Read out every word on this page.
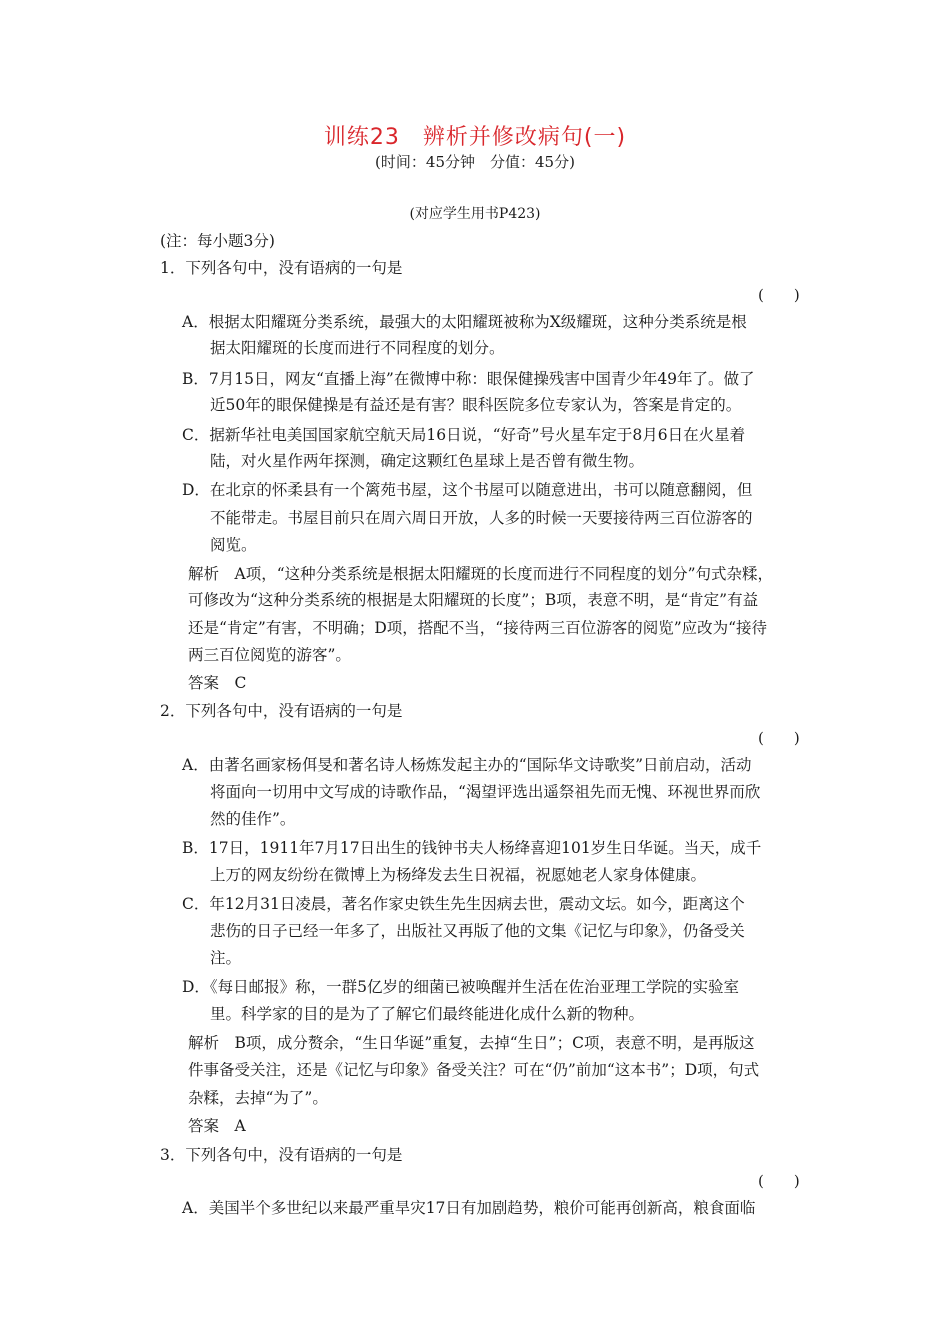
训练23　辨析并修改病句(一)
(时间：45分钟　分值：45分)
(对应学生用书P423)
(注：每小题3分)
1．下列各句中，没有语病的一句是
(　　)
A．根据太阳耀斑分类系统，最强大的太阳耀斑被称为X级耀斑，这种分类系统是根
据太阳耀斑的长度而进行不同程度的划分。
B．7月15日，网友“直播上海”在微博中称：眼保健操残害中国青少年49年了。做了
近50年的眼保健操是有益还是有害？眼科医院多位专家认为，答案是肯定的。
C．据新华社电美国国家航空航天局16日说，“好奇”号火星车定于8月6日在火星着
陆，对火星作两年探测，确定这颗红色星球上是否曾有微生物。
D．在北京的怀柔县有一个篱苑书屋，这个书屋可以随意进出，书可以随意翻阅，但
不能带走。书屋目前只在周六周日开放，人多的时候一天要接待两三百位游客的
阅览。
解析　A项，“这种分类系统是根据太阳耀斑的长度而进行不同程度的划分”句式杂糅，
可修改为“这种分类系统的根据是太阳耀斑的长度”；B项，表意不明，是“肯定”有益
还是“肯定”有害，不明确；D项，搭配不当，“接待两三百位游客的阅览”应改为“接待
两三百位阅览的游客”。
答案　C
2．下列各句中，没有语病的一句是
(　　)
A．由著名画家杨佴旻和著名诗人杨炼发起主办的“国际华文诗歌奖”日前启动，活动
将面向一切用中文写成的诗歌作品，“渴望评选出遥祭祖先而无愧、环视世界而欣
然的佳作”。
B．17日，1911年7月17日出生的钱钟书夫人杨绛喜迎101岁生日华诞。当天，成千
上万的网友纷纷在微博上为杨绛发去生日祝福，祝愿她老人家身体健康。
C．年12月31日凌晨，著名作家史铁生先生因病去世，震动文坛。如今，距离这个
悲伤的日子已经一年多了，出版社又再版了他的文集《记忆与印象》，仍备受关
注。
D．《每日邮报》称，一群5亿岁的细菌已被唤醒并生活在佐治亚理工学院的实验室
里。科学家的目的是为了了解它们最终能进化成什么新的物种。
解析　B项，成分赘余，“生日华诞”重复，去掉“生日”；C项，表意不明，是再版这
件事备受关注，还是《记忆与印象》备受关注？可在“仍”前加“这本书”；D项，句式
杂糅，去掉“为了”。
答案　A
3．下列各句中，没有语病的一句是
(　　)
A．美国半个多世纪以来最严重旱灾17日有加剧趋势，粮价可能再创新高，粮食面临
